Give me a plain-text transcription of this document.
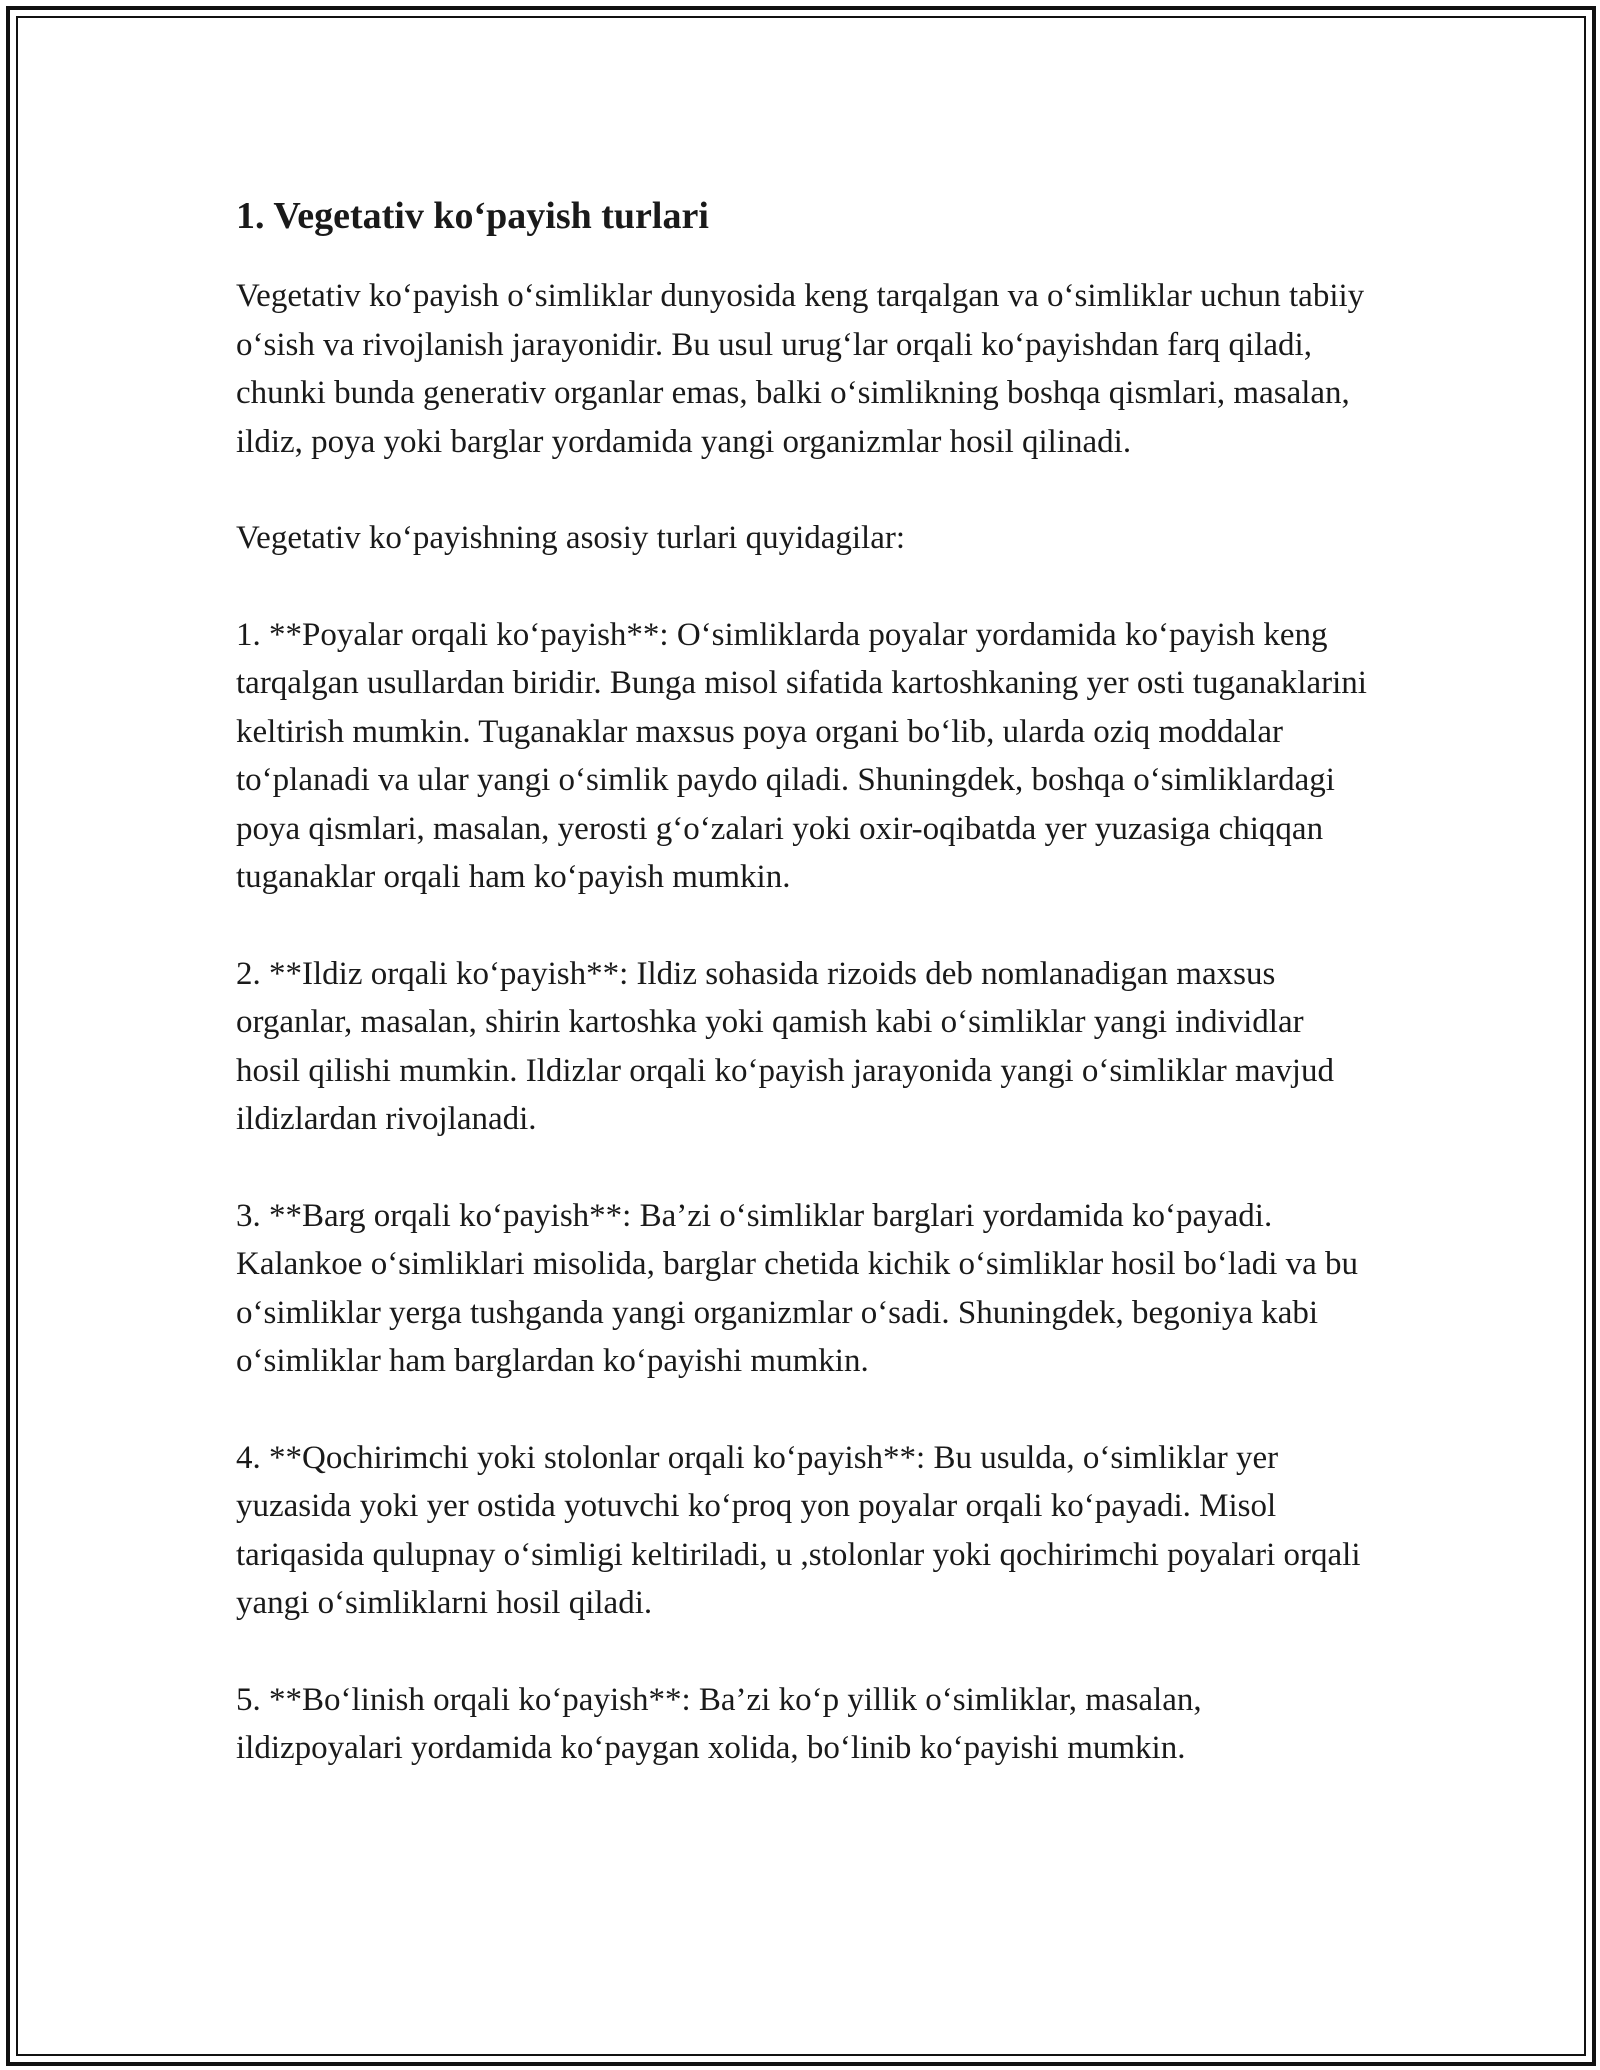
1. Vegetativ ko‘payish turlari

Vegetativ ko‘payish o‘simliklar dunyosida keng tarqalgan va o‘simliklar uchun tabiiy o‘sish va rivojlanish jarayonidir. Bu usul urug‘lar orqali ko‘payishdan farq qiladi, chunki bunda generativ organlar emas, balki o‘simlikning boshqa qismlari, masalan, ildiz, poya yoki barglar yordamida yangi organizmlar hosil qilinadi.

Vegetativ ko‘payishning asosiy turlari quyidagilar:

1. **Poyalar orqali ko‘payish**: O‘simliklarda poyalar yordamida ko‘payish keng tarqalgan usullardan biridir. Bunga misol sifatida kartoshkaning yer osti tuganaklarini keltirish mumkin. Tuganaklar maxsus poya organi bo‘lib, ularda oziq moddalar to‘planadi va ular yangi o‘simlik paydo qiladi. Shuningdek, boshqa o‘simliklardagi poya qismlari, masalan, yerosti g‘o‘zalari yoki oxir-oqibatda yer yuzasiga chiqqan tuganaklar orqali ham ko‘payish mumkin.

2. **Ildiz orqali ko‘payish**: Ildiz sohasida rizoids deb nomlanadigan maxsus organlar, masalan, shirin kartoshka yoki qamish kabi o‘simliklar yangi individlar hosil qilishi mumkin. Ildizlar orqali ko‘payish jarayonida yangi o‘simliklar mavjud ildizlardan rivojlanadi.

3. **Barg orqali ko‘payish**: Ba’zi o‘simliklar barglari yordamida ko‘payadi. Kalankoe o‘simliklari misolida, barglar chetida kichik o‘simliklar hosil bo‘ladi va bu o‘simliklar yerga tushganda yangi organizmlar o‘sadi. Shuningdek, begoniya kabi o‘simliklar ham barglardan ko‘payishi mumkin.

4. **Qochirimchi yoki stolonlar orqali ko‘payish**: Bu usulda, o‘simliklar yer yuzasida yoki yer ostida yotuvchi ko‘proq yon poyalar orqali ko‘payadi. Misol tariqasida qulupnay o‘simligi keltiriladi, u ,stolonlar yoki qochirimchi poyalari orqali yangi o‘simliklarni hosil qiladi.

5. **Bo‘linish orqali ko‘payish**: Ba’zi ko‘p yillik o‘simliklar, masalan, ildizpoyalari yordamida ko‘paygan xolida, bo‘linib ko‘payishi mumkin.
